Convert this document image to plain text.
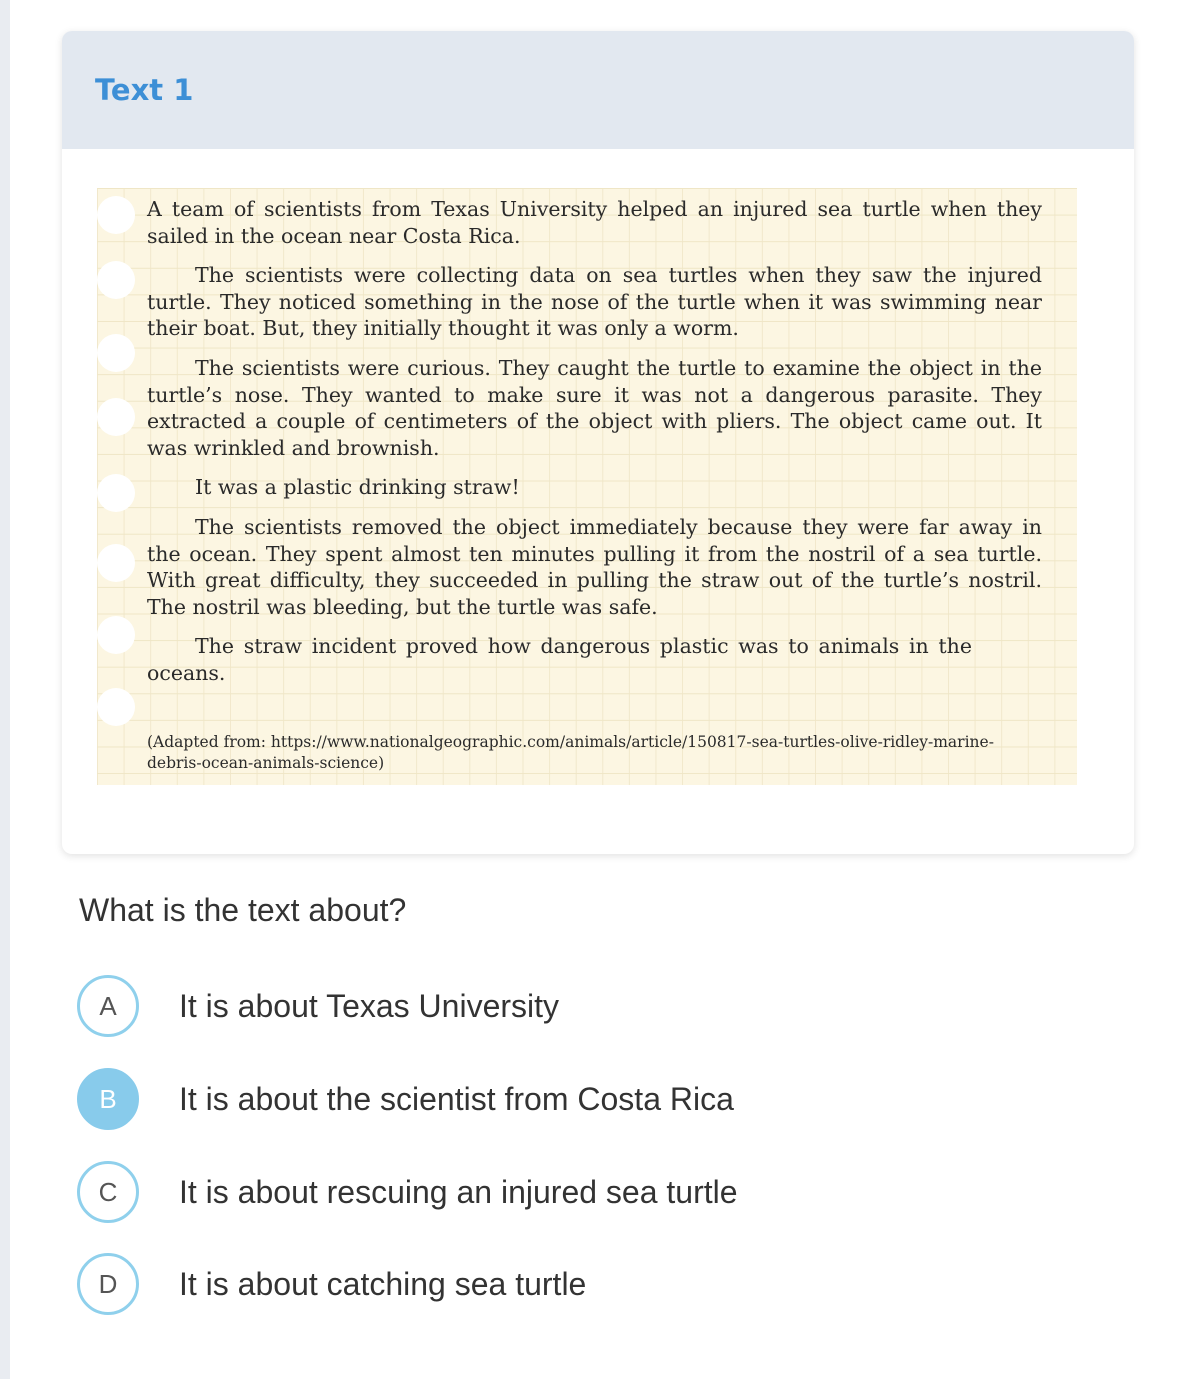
Text 1

A team of scientists from Texas University helped an injured sea turtle when they sailed in the ocean near Costa Rica.

The scientists were collecting data on sea turtles when they saw the injured turtle. They noticed something in the nose of the turtle when it was swimming near their boat. But, they initially thought it was only a worm.

The scientists were curious. They caught the turtle to examine the object in the turtle’s nose. They wanted to make sure it was not a dangerous parasite. They extracted a couple of centimeters of the object with pliers. The object came out. It was wrinkled and brownish.

It was a plastic drinking straw!

The scientists removed the object immediately because they were far away in the ocean. They spent almost ten minutes pulling it from the nostril of a sea turtle. With great difficulty, they succeeded in pulling the straw out of the turtle’s nostril. The nostril was bleeding, but the turtle was safe.

The straw incident proved how dangerous plastic was to animals in the oceans.

(Adapted from: https://www.nationalgeographic.com/animals/article/150817-sea-turtles-olive-ridley-marine-debris-ocean-animals-science)
What is the text about?
A	It is about Texas University
B	It is about the scientist from Costa Rica
C	It is about rescuing an injured sea turtle
D	It is about catching sea turtle
